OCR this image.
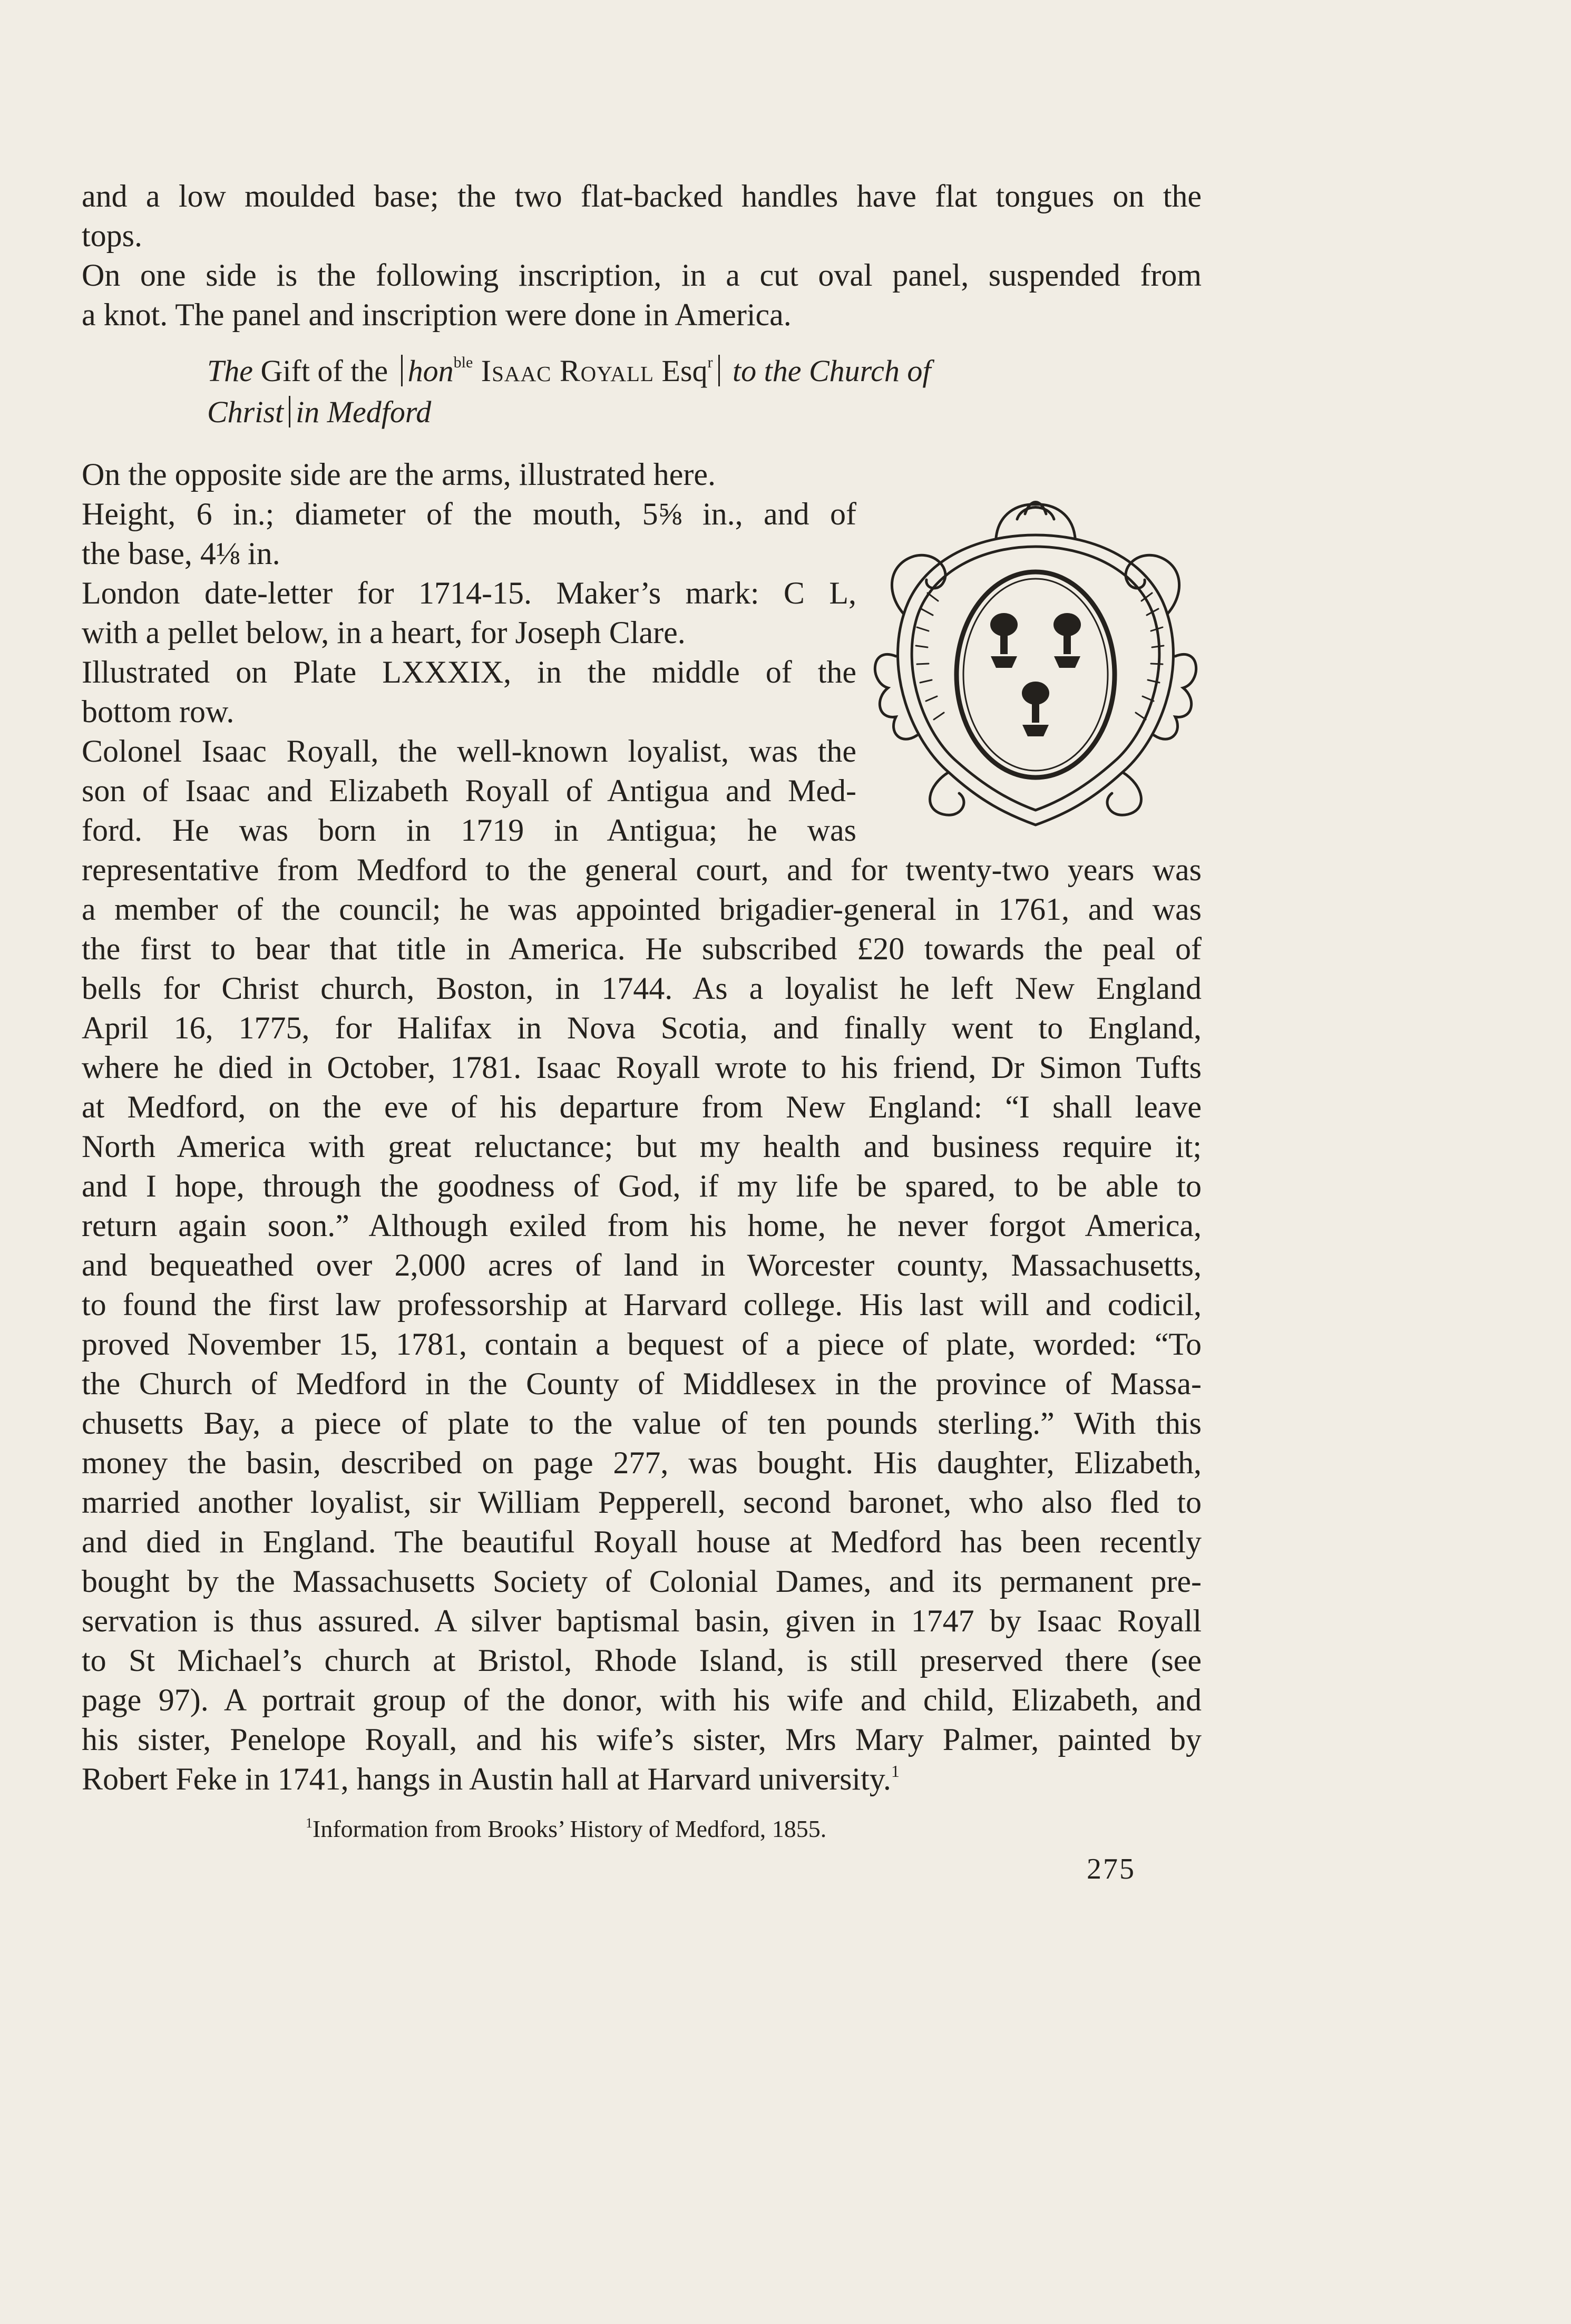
and a low moulded base; the two flat-backed handles have flat tongues on the
tops.
On one side is the following inscription, in a cut oval panel, suspended from
a knot. The panel and inscription were done in America.
The Gift of the hon$^{ble}$ Isaac Royall Esq$^r$ to the Church of
Christ in Medford
On the opposite side are the arms, illustrated here.
Height, 6 in.; diameter of the mouth, 5⅝ in., and of
the base, 4⅛ in.
London date-letter for 1714-15. Maker’s mark: C L,
with a pellet below, in a heart, for Joseph Clare.
Illustrated on Plate LXXXIX, in the middle of the
bottom row.
Colonel Isaac Royall, the well-known loyalist, was the
son of Isaac and Elizabeth Royall of Antigua and Med-
ford. He was born in 1719 in Antigua; he was
representative from Medford to the general court, and for twenty-two years was
a member of the council; he was appointed brigadier-general in 1761, and was
the first to bear that title in America. He subscribed £20 towards the peal of
bells for Christ church, Boston, in 1744. As a loyalist he left New England
April 16, 1775, for Halifax in Nova Scotia, and finally went to England,
where he died in October, 1781. Isaac Royall wrote to his friend, Dr Simon Tufts
at Medford, on the eve of his departure from New England: “I shall leave
North America with great reluctance; but my health and business require it;
and I hope, through the goodness of God, if my life be spared, to be able to
return again soon.” Although exiled from his home, he never forgot America,
and bequeathed over 2,000 acres of land in Worcester county, Massachusetts,
to found the first law professorship at Harvard college. His last will and codicil,
proved November 15, 1781, contain a bequest of a piece of plate, worded: “To
the Church of Medford in the County of Middlesex in the province of Massa-
chusetts Bay, a piece of plate to the value of ten pounds sterling.” With this
money the basin, described on page 277, was bought. His daughter, Elizabeth,
married another loyalist, sir William Pepperell, second baronet, who also fled to
and died in England. The beautiful Royall house at Medford has been recently
bought by the Massachusetts Society of Colonial Dames, and its permanent pre-
servation is thus assured. A silver baptismal basin, given in 1747 by Isaac Royall
to St Michael’s church at Bristol, Rhode Island, is still preserved there (see
page 97). A portrait group of the donor, with his wife and child, Elizabeth, and
his sister, Penelope Royall, and his wife’s sister, Mrs Mary Palmer, painted by
Robert Feke in 1741, hangs in Austin hall at Harvard university.$^1$
$^1$Information from Brooks’ History of Medford, 1855.
275
